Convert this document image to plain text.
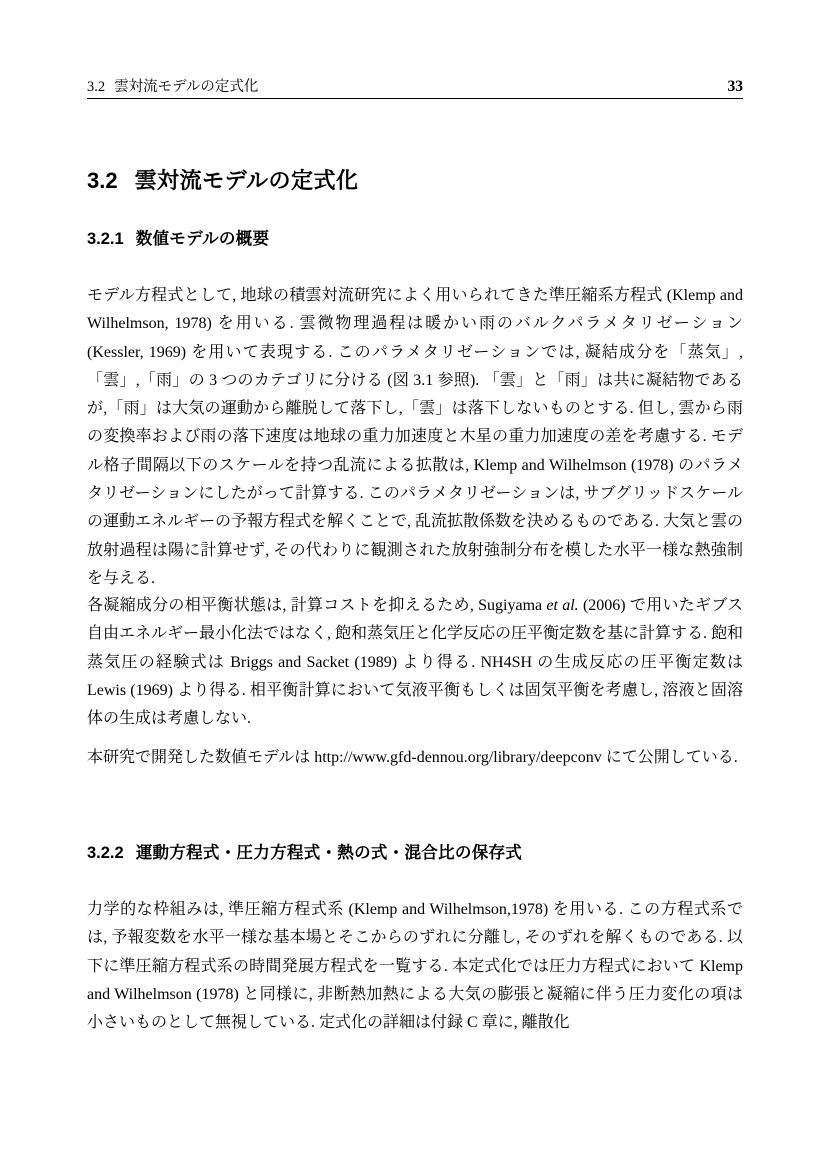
3.2 雲対流モデルの定式化	33
3.2 雲対流モデルの定式化
3.2.1 数値モデルの概要

モデル方程式として, 地球の積雲対流研究によく用いられてきた準圧縮系方程式 (Klemp and Wilhelmson, 1978) を用いる. 雲微物理過程は暖かい雨のバルクパラメタリゼーション (Kessler, 1969) を用いて表現する. このパラメタリゼーションでは, 凝結成分を「蒸気」,「雲」,「雨」の 3 つのカテゴリに分ける (図 3.1 参照). 「雲」と「雨」は共に凝結物であるが,「雨」は大気の運動から離脱して落下し,「雲」は落下しないものとする. 但し, 雲から雨の変換率および雨の落下速度は地球の重力加速度と木星の重力加速度の差を考慮する. モデル格子間隔以下のスケールを持つ乱流による拡散は, Klemp and Wilhelmson (1978) のパラメタリゼーションにしたがって計算する. このパラメタリゼーションは, サブグリッドスケールの運動エネルギーの予報方程式を解くことで, 乱流拡散係数を決めるものである. 大気と雲の放射過程は陽に計算せず, その代わりに観測された放射強制分布を模した水平一様な熱強制を与える.

各凝縮成分の相平衡状態は, 計算コストを抑えるため, Sugiyama et al. (2006) で用いたギブス自由エネルギー最小化法ではなく, 飽和蒸気圧と化学反応の圧平衡定数を基に計算する. 飽和蒸気圧の経験式は Briggs and Sacket (1989) より得る. NH4SH の生成反応の圧平衡定数は Lewis (1969) より得る. 相平衡計算において気液平衡もしくは固気平衡を考慮し, 溶液と固溶体の生成は考慮しない.

本研究で開発した数値モデルは http://www.gfd-dennou.org/library/deepconv にて公開している.

3.2.2 運動方程式・圧力方程式・熱の式・混合比の保存式

力学的な枠組みは, 準圧縮方程式系 (Klemp and Wilhelmson,1978) を用いる. この方程式系では, 予報変数を水平一様な基本場とそこからのずれに分離し, そのずれを解くものである. 以下に準圧縮方程式系の時間発展方程式を一覧する. 本定式化では圧力方程式において Klemp and Wilhelmson (1978) と同様に, 非断熱加熱による大気の膨張と凝縮に伴う圧力変化の項は小さいものとして無視している. 定式化の詳細は付録 C 章に, 離散化
